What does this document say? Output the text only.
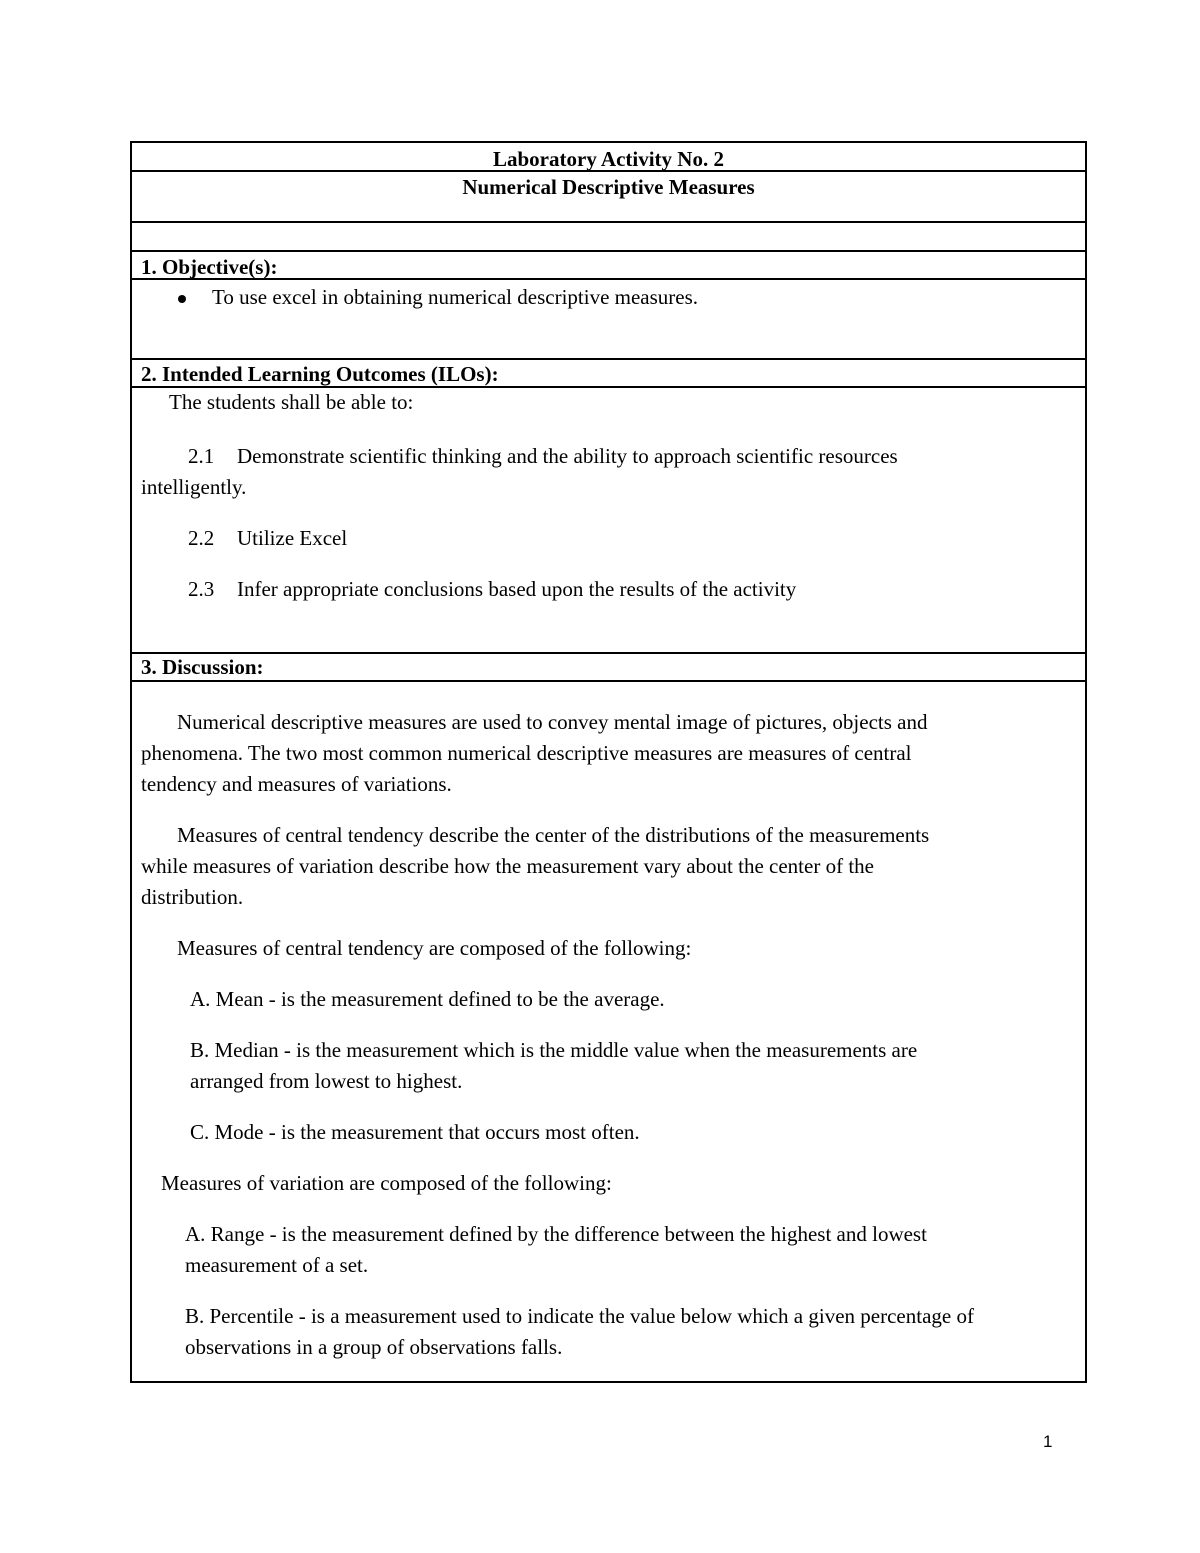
Laboratory Activity No. 2
Numerical Descriptive Measures
1. Objective(s):
To use excel in obtaining numerical descriptive measures.
2. Intended Learning Outcomes (ILOs):
The students shall be able to:
2.1 Demonstrate scientific thinking and the ability to approach scientific resources
intelligently.
2.2 Utilize Excel
2.3 Infer appropriate conclusions based upon the results of the activity
3. Discussion:
Numerical descriptive measures are used to convey mental image of pictures, objects and
phenomena. The two most common numerical descriptive measures are measures of central
tendency and measures of variations.
Measures of central tendency describe the center of the distributions of the measurements
while measures of variation describe how the measurement vary about the center of the
distribution.
Measures of central tendency are composed of the following:
A. Mean - is the measurement defined to be the average.
B. Median - is the measurement which is the middle value when the measurements are
arranged from lowest to highest.
C. Mode - is the measurement that occurs most often.
Measures of variation are composed of the following:
A. Range - is the measurement defined by the difference between the highest and lowest
measurement of a set.
B. Percentile - is a measurement used to indicate the value below which a given percentage of
observations in a group of observations falls.
1
